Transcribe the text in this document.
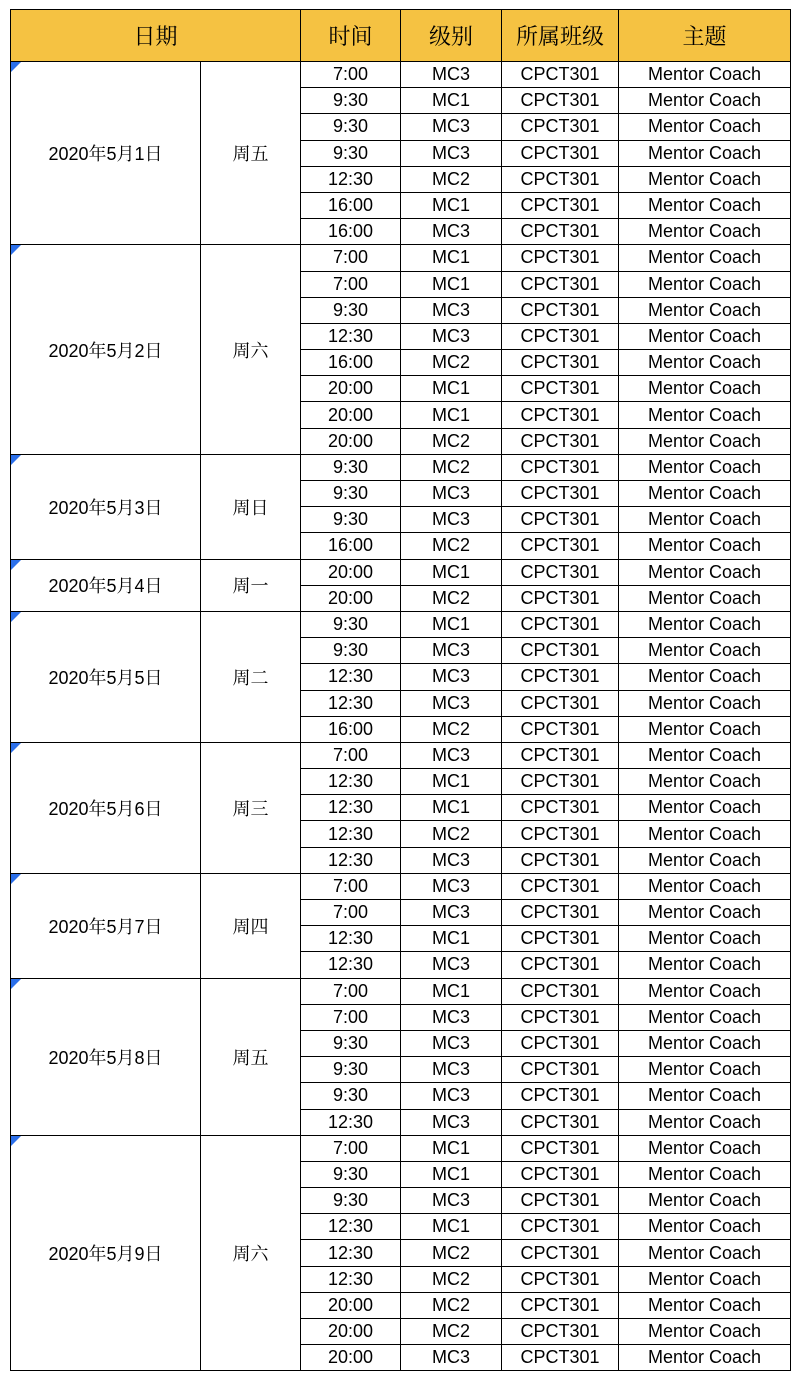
日期		时间	级别	所属班级	主题

2020年5月1日	周五	7:00	MC3	CPCT301	Mentor Coach
		9:30	MC1	CPCT301	Mentor Coach
		9:30	MC3	CPCT301	Mentor Coach
		9:30	MC3	CPCT301	Mentor Coach
		12:30	MC2	CPCT301	Mentor Coach
		16:00	MC1	CPCT301	Mentor Coach
		16:00	MC3	CPCT301	Mentor Coach

2020年5月2日	周六	7:00	MC1	CPCT301	Mentor Coach
		7:00	MC1	CPCT301	Mentor Coach
		9:30	MC3	CPCT301	Mentor Coach
		12:30	MC3	CPCT301	Mentor Coach
		16:00	MC2	CPCT301	Mentor Coach
		20:00	MC1	CPCT301	Mentor Coach
		20:00	MC1	CPCT301	Mentor Coach
		20:00	MC2	CPCT301	Mentor Coach

2020年5月3日	周日	9:30	MC2	CPCT301	Mentor Coach
		9:30	MC3	CPCT301	Mentor Coach
		9:30	MC3	CPCT301	Mentor Coach
		16:00	MC2	CPCT301	Mentor Coach

2020年5月4日	周一	20:00	MC1	CPCT301	Mentor Coach
		20:00	MC2	CPCT301	Mentor Coach

2020年5月5日	周二	9:30	MC1	CPCT301	Mentor Coach
		9:30	MC3	CPCT301	Mentor Coach
		12:30	MC3	CPCT301	Mentor Coach
		12:30	MC3	CPCT301	Mentor Coach
		16:00	MC2	CPCT301	Mentor Coach

2020年5月6日	周三	7:00	MC3	CPCT301	Mentor Coach
		12:30	MC1	CPCT301	Mentor Coach
		12:30	MC1	CPCT301	Mentor Coach
		12:30	MC2	CPCT301	Mentor Coach
		12:30	MC3	CPCT301	Mentor Coach

2020年5月7日	周四	7:00	MC3	CPCT301	Mentor Coach
		7:00	MC3	CPCT301	Mentor Coach
		12:30	MC1	CPCT301	Mentor Coach
		12:30	MC3	CPCT301	Mentor Coach

2020年5月8日	周五	7:00	MC1	CPCT301	Mentor Coach
		7:00	MC3	CPCT301	Mentor Coach
		9:30	MC3	CPCT301	Mentor Coach
		9:30	MC3	CPCT301	Mentor Coach
		9:30	MC3	CPCT301	Mentor Coach
		12:30	MC3	CPCT301	Mentor Coach

2020年5月9日	周六	7:00	MC1	CPCT301	Mentor Coach
		9:30	MC1	CPCT301	Mentor Coach
		9:30	MC3	CPCT301	Mentor Coach
		12:30	MC1	CPCT301	Mentor Coach
		12:30	MC2	CPCT301	Mentor Coach
		12:30	MC2	CPCT301	Mentor Coach
		20:00	MC2	CPCT301	Mentor Coach
		20:00	MC2	CPCT301	Mentor Coach
		20:00	MC3	CPCT301	Mentor Coach
